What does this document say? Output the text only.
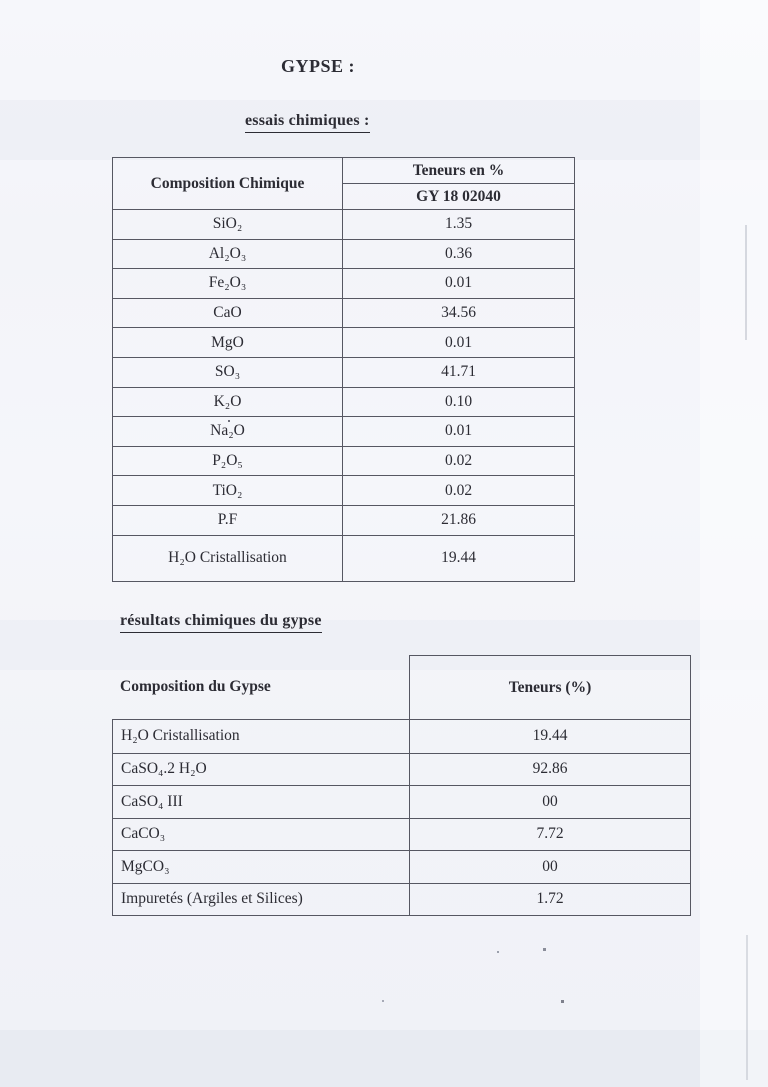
GYPSE :
essais chimiques :
résultats chimiques du gypse
Composition Chimique
Teneurs en %
GY 18 02040
SiO₂	1.35
Al₂O₃	0.36
Fe₂O₃	0.01
CaO	34.56
MgO	0.01
SO₃	41.71
K₂O	0.10
Na₂O	0.01
P₂O₅	0.02
TiO₂	0.02
P.F	21.86
H₂O Cristallisation	19.44
Composition du Gypse	Teneurs (%)
H₂O Cristallisation	19.44
CaSO₄.2 H₂O	92.86
CaSO₄ III	00
CaCO₃	7.72
MgCO₃	00
Impuretés (Argiles et Silices)	1.72
